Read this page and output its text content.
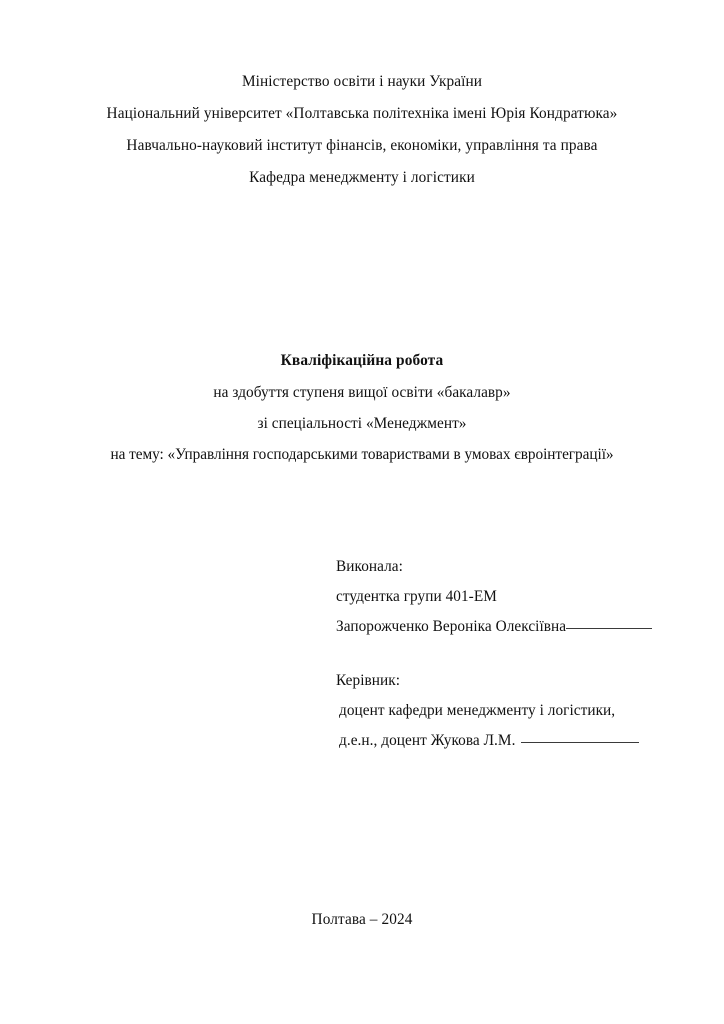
Міністерство освіти і науки України
Національний університет «Полтавська політехніка імені Юрія Кондратюка»
Навчально-науковий інститут фінансів, економіки, управління та права
Кафедра менеджменту і логістики
Кваліфікаційна робота
на здобуття ступеня вищої освіти «бакалавр»
зі спеціальності «Менеджмент»
на тему: «Управління господарськими товариствами в умовах євроінтеграції»
Виконала:
студентка групи 401-ЕМ
Запорожченко Вероніка Олексіївна
Керівник:
доцент кафедри менеджменту і логістики,
д.е.н., доцент Жукова Л.М.
Полтава – 2024
